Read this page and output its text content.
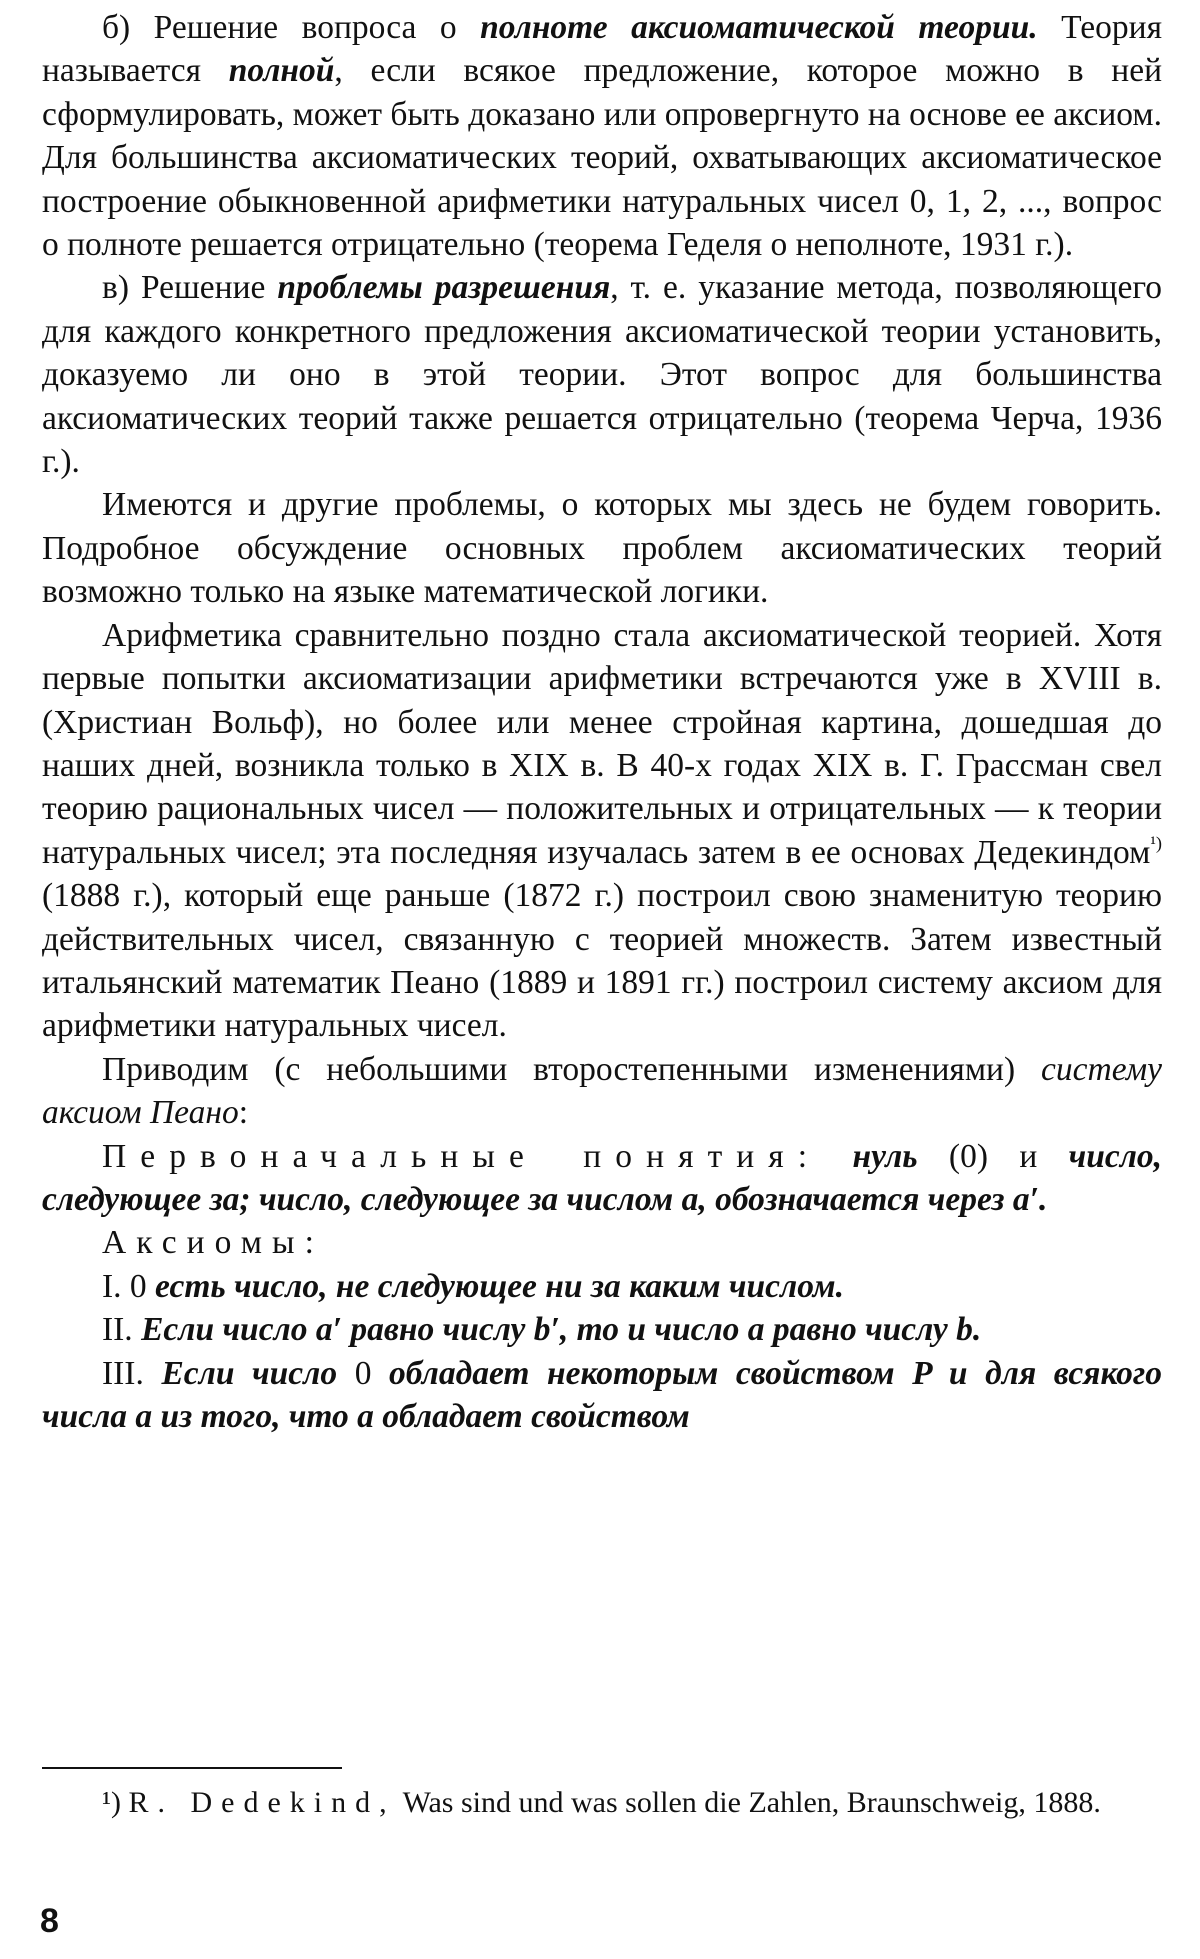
б) Решение вопроса о полноте аксиоматической теории. Теория называется полной, если всякое предложение, которое можно в ней сформулировать, может быть доказано или опровергнуто на основе ее аксиом. Для большинства аксиоматических теорий, охватывающих аксиоматическое построение обыкновенной арифметики натуральных чисел 0, 1, 2, ..., вопрос о полноте решается отрицательно (теорема Геделя о неполноте, 1931 г.).

в) Решение проблемы разрешения, т. е. указание метода, позволяющего для каждого конкретного предложения аксиоматической теории установить, доказуемо ли оно в этой теории. Этот вопрос для большинства аксиоматических теорий также решается отрицательно (теорема Черча, 1936 г.).

Имеются и другие проблемы, о которых мы здесь не будем говорить. Подробное обсуждение основных проблем аксиоматических теорий возможно только на языке математической логики.

Арифметика сравнительно поздно стала аксиоматической теорией. Хотя первые попытки аксиоматизации арифметики встречаются уже в XVIII в. (Христиан Вольф), но более или менее стройная картина, дошедшая до наших дней, возникла только в XIX в. В 40-х годах XIX в. Г. Грассман свел теорию рациональных чисел — положительных и отрицательных — к теории натуральных чисел; эта последняя изучалась затем в ее основах Дедекиндом$^{^1)}$ (1888 г.), который еще раньше (1872 г.) построил свою знаменитую теорию действительных чисел, связанную с теорией множеств. Затем известный итальянский математик Пеано (1889 и 1891 гг.) построил систему аксиом для арифметики натуральных чисел.

Приводим (с небольшими второстепенными изменениями) систему аксиом Пеано:

Первоначальные понятия: нуль (0) и число, следующее за; число, следующее за числом a, обозначается через a′.

Аксиомы:

I. 0 есть число, не следующее ни за каким числом.

II. Если число a′ равно числу b′, то и число a равно числу b.

III. Если число 0 обладает некоторым свойством P и для всякого числа a из того, что a обладает свойством

¹) R. Dedekind, Was sind und was sollen die Zahlen, Braunschweig, 1888.

8
